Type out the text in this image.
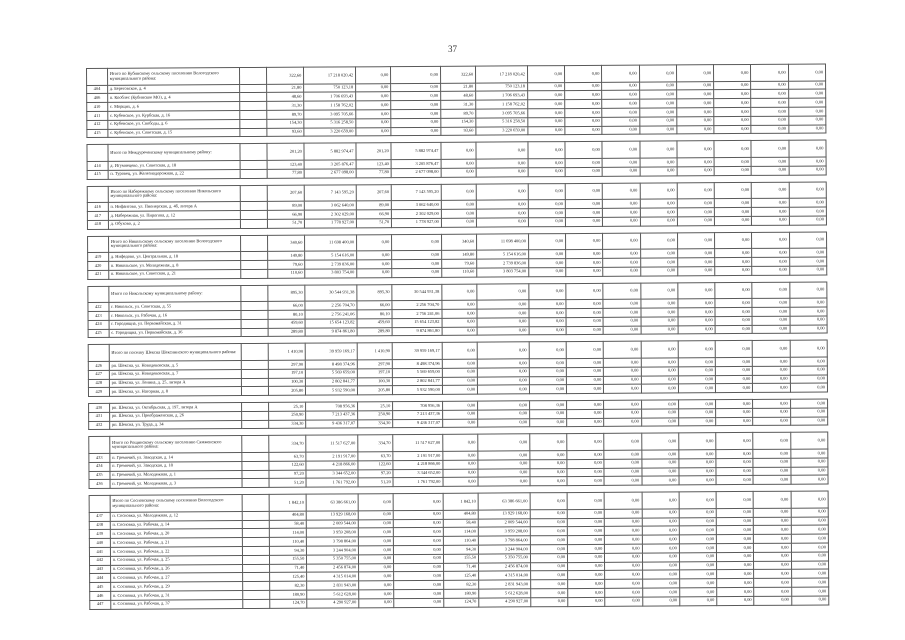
37
	Итого по Кубинскому сельскому поселению Вологодского муниципального района:		322,60	17 218 020,42	0,00	0,00	322,60	17 218 020,42	0,00	0,00	0,00	0,00	0,00	0,00	0,00	0,00
404	д. Береговское, д. 4		21,80	750 123,18	0,00	0,00	21,80	750 123,18	0,00	0,00	0,00	0,00	0,00	0,00	0,00	0,00
406	п. Кооблес (Кубинское МО), д. 4		48,60	1 706 693,43	0,00	0,00	48,60	1 706 693,43	0,00	0,00	0,00	0,00	0,00	0,00	0,00	0,00
410	с. Морщих, д. 6		31,30	1 158 762,02	0,00	0,00	31,30	1 158 762,02	0,00	0,00	0,00	0,00	0,00	0,00	0,00	0,00
411	с. Кубенское, ул. Курбская, д. 16		89,70	3 095 705,66	0,00	0,00	89,70	3 095 705,66	0,00	0,00	0,00	0,00	0,00	0,00	0,00	0,00
412	с. Кубенское, ул. Свободы, д. 6		154,30	5 316 258,50	0,00	0,00	154,30	5 316 258,50	0,00	0,00	0,00	0,00	0,00	0,00	0,00	0,00
415	с. Кубенское, ул. Советская, д. 15		93,60	3 220 659,00	0,00	0,00	93,60	3 220 659,00	0,00	0,00	0,00	0,00	0,00	0,00	0,00	0,00

	Итого по Междуреченскому муниципальному району:		201,20	5 882 974,47	201,20	5 882 974,47	0,00	0,00	0,00	0,00	0,00	0,00	0,00	0,00	0,00	0,00
414	д. Игумнецево, ул. Советская, д. 18		123,40	3 205 876,47	123,40	3 205 876,47	0,00	0,00	0,00	0,00	0,00	0,00	0,00	0,00	0,00	0,00
415	п. Туровец, ул. Железнодорожная, д. 22		77,80	2 677 098,00	77,80	2 677 098,00	0,00	0,00	0,00	0,00	0,00	0,00	0,00	0,00	0,00	0,00

	Итого по Набережному сельскому поселению Никольского муниципального района:		207,60	7 143 595,20	207,60	7 143 595,20	0,00	0,00	0,00	0,00	0,00	0,00	0,00	0,00	0,00	0,00
416	п. Нифантово, ул. Пионерская, д. 4б, литера А		89,00	3 062 640,00	89,00	3 062 640,00	0,00	0,00	0,00	0,00	0,00	0,00	0,00	0,00	0,00	0,00
417	д. Набережная, ул. Пирогова, д. 12		66,90	2 302 029,00	66,90	2 302 029,00	0,00	0,00	0,00	0,00	0,00	0,00	0,00	0,00	0,00	0,00
418	д. Обухово, д. 2		51,70	1 778 927,00	51,70	1 778 927,00	0,00	0,00	0,00	0,00	0,00	0,00	0,00	0,00	0,00	0,00

	Итого по Никольскому сельскому поселению Вологодского муниципального района:		340,60	11 698 400,00	0,00	0,00	340,60	11 698 400,00	0,00	0,00	0,00	0,00	0,00	0,00	0,00	0,00
419	д. Нифедово, ул. Центральная, д. 18		149,80	5 154 616,00	0,00	0,00	149,80	5 154 616,00	0,00	0,00	0,00	0,00	0,00	0,00	0,00	0,00
420	п. Никольское, ул. Молодежная, д. 8		79,60	2 739 836,00	0,00	0,00	79,60	2 739 836,00	0,00	0,00	0,00	0,00	0,00	0,00	0,00	0,00
421	п. Никольское, ул. Советская, д. 21		110,60	3 803 754,00	0,00	0,00	110,60	3 803 754,00	0,00	0,00	0,00	0,00	0,00	0,00	0,00	0,00

	Итого по Никольскому муниципальному району:		895,30	30 544 931,38	895,30	30 544 931,38	0,00	0,00	0,00	0,00	0,00	0,00	0,00	0,00	0,00	0,00
422	г. Никольск, ул. Советская, д. 55		66,00	2 256 704,70	66,00	2 256 704,70	0,00	0,00	0,00	0,00	0,00	0,00	0,00	0,00	0,00	0,00
423	г. Никольск, ул. Рабочая, д. 16		80,10	2 756 241,06	80,10	2 756 241,06	0,00	0,00	0,00	0,00	0,00	0,00	0,00	0,00	0,00	0,00
424	г. Городищна, ул. Первомайская, д. 31		459,60	15 654 123,82	459,60	15 654 123,82	0,00	0,00	0,00	0,00	0,00	0,00	0,00	0,00	0,00	0,00
425	с. Городищна, ул. Первомайская, д. 36		289,80	9 874 861,80	289,80	9 874 861,80	0,00	0,00	0,00	0,00	0,00	0,00	0,00	0,00	0,00	0,00

	Итого по поселку Шексна Шекснинского муниципального района:		1 410,90	39 959 169,17	1 410,90	39 959 169,17	0,00	0,00	0,00	0,00	0,00	0,00	0,00	0,00	0,00	0,00
426	рп. Шексна, ул. Новодевовская, д. 5		297,90	8 498 374,96	297,90	8 498 374,96	0,00	0,00	0,00	0,00	0,00	0,00	0,00	0,00	0,00	0,00
427	рп. Шексна, ул. Новодевовская, д. 7		197,10	5 569 659,00	197,10	5 569 659,00	0,00	0,00	0,00	0,00	0,00	0,00	0,00	0,00	0,00	0,00
428	рп. Шексна, ул. Ленина, д. 25, литера А		100,30	2 802 841,77	100,30	2 802 841,77	0,00	0,00	0,00	0,00	0,00	0,00	0,00	0,00	0,00	0,00
429	рп. Шексна, ул. Нагорная, д. 8		205,80	5 932 590,00	205,80	5 932 590,00	0,00	0,00	0,00	0,00	0,00	0,00	0,00	0,00	0,00	0,00

430	рп. Шексна, ул. Октябрьская, д. 197, литера А		25,10	708 956,36	25,10	708 956,36	0,00	0,00	0,00	0,00	0,00	0,00	0,00	0,00	0,00	0,00
431	рп. Шексна, ул. Преображенская, д. 26		250,90	7 213 437,36	250,90	7 213 437,36	0,00	0,00	0,00	0,00	0,00	0,00	0,00	0,00	0,00	0,00
432	рп. Шексна, ул. Труда, д. 34		334,30	9 436 317,07	334,30	9 436 317,07	0,00	0,00	0,00	0,00	0,00	0,00	0,00	0,00	0,00	0,00

	Итого по Рощинскому сельскому поселению Сямженского муниципального района:		334,70	11 517 627,00	334,70	11 517 627,00	0,00	0,00	0,00	0,00	0,00	0,00	0,00	0,00	0,00	0,00
433	п. Гремячий, ул. Заводская, д. 14		63,70	2 191 917,00	63,70	2 191 917,00	0,00	0,00	0,00	0,00	0,00	0,00	0,00	0,00	0,00	0,00
434	п. Гремячий, ул. Заводская, д. 18		122,60	4 218 866,00	122,60	4 218 866,00	0,00	0,00	0,00	0,00	0,00	0,00	0,00	0,00	0,00	0,00
435	п. Гремячий, ул. Молодежная, д. 1		97,20	3 344 652,00	97,20	3 344 652,00	0,00	0,00	0,00	0,00	0,00	0,00	0,00	0,00	0,00	0,00
436	п. Гремячий, ул. Молодежная, д. 3		51,20	1 761 792,00	51,20	1 761 792,00	0,00	0,00	0,00	0,00	0,00	0,00	0,00	0,00	0,00	0,00

	Итого по Сосновскому сельскому поселению Вологодского муниципального района:		1 842,10	63 386 661,00	0,00	0,00	1 842,10	63 386 661,00	0,00	0,00	0,00	0,00	0,00	0,00	0,00	0,00
437	п. Сосновка, ул. Молодежная, д. 12		404,80	13 929 168,00	0,00	0,00	404,80	13 929 168,00	0,00	0,00	0,00	0,00	0,00	0,00	0,00	0,00
438	п. Сосновка, ул. Рабочая, д. 14		58,40	2 009 544,00	0,00	0,00	58,40	2 009 544,00	0,00	0,00	0,00	0,00	0,00	0,00	0,00	0,00
439	п. Сосновка, ул. Рабочая, д. 20		114,00	3 959 208,00	0,00	0,00	114,00	3 959 208,00	0,00	0,00	0,00	0,00	0,00	0,00	0,00	0,00
440	п. Сосновка, ул. Рабочая, д. 21		110,40	3 798 864,00	0,00	0,00	110,40	3 798 864,00	0,00	0,00	0,00	0,00	0,00	0,00	0,00	0,00
441	п. Сосновка, ул. Рабочая, д. 22		94,30	3 244 904,00	0,00	0,00	94,30	3 244 904,00	0,00	0,00	0,00	0,00	0,00	0,00	0,00	0,00
442	п. Сосновка, ул. Рабочая, д. 25		155,50	5 350 755,00	0,00	0,00	155,50	5 350 755,00	0,00	0,00	0,00	0,00	0,00	0,00	0,00	0,00
443	п. Сосновка, ул. Рабочая, д. 26		71,40	2 456 874,00	0,00	0,00	71,40	2 456 874,00	0,00	0,00	0,00	0,00	0,00	0,00	0,00	0,00
444	п. Сосновка, ул. Рабочая, д. 27		125,40	4 315 014,00	0,00	0,00	125,40	4 315 014,00	0,00	0,00	0,00	0,00	0,00	0,00	0,00	0,00
445	п. Сосновка, ул. Рабочая, д. 29		82,30	2 831 943,00	0,00	0,00	82,30	2 831 943,00	0,00	0,00	0,00	0,00	0,00	0,00	0,00	0,00
446	п. Сосновка, ул. Рабочая, д. 31		180,90	5 612 628,00	0,00	0,00	180,90	5 612 628,00	0,00	0,00	0,00	0,00	0,00	0,00	0,00	0,00
447	п. Сосновка, ул. Рабочая, д. 37		124,70	4 290 927,00	0,00	0,00	124,70	4 290 927,00	0,00	0,00	0,00	0,00	0,00	0,00	0,00	0,00
